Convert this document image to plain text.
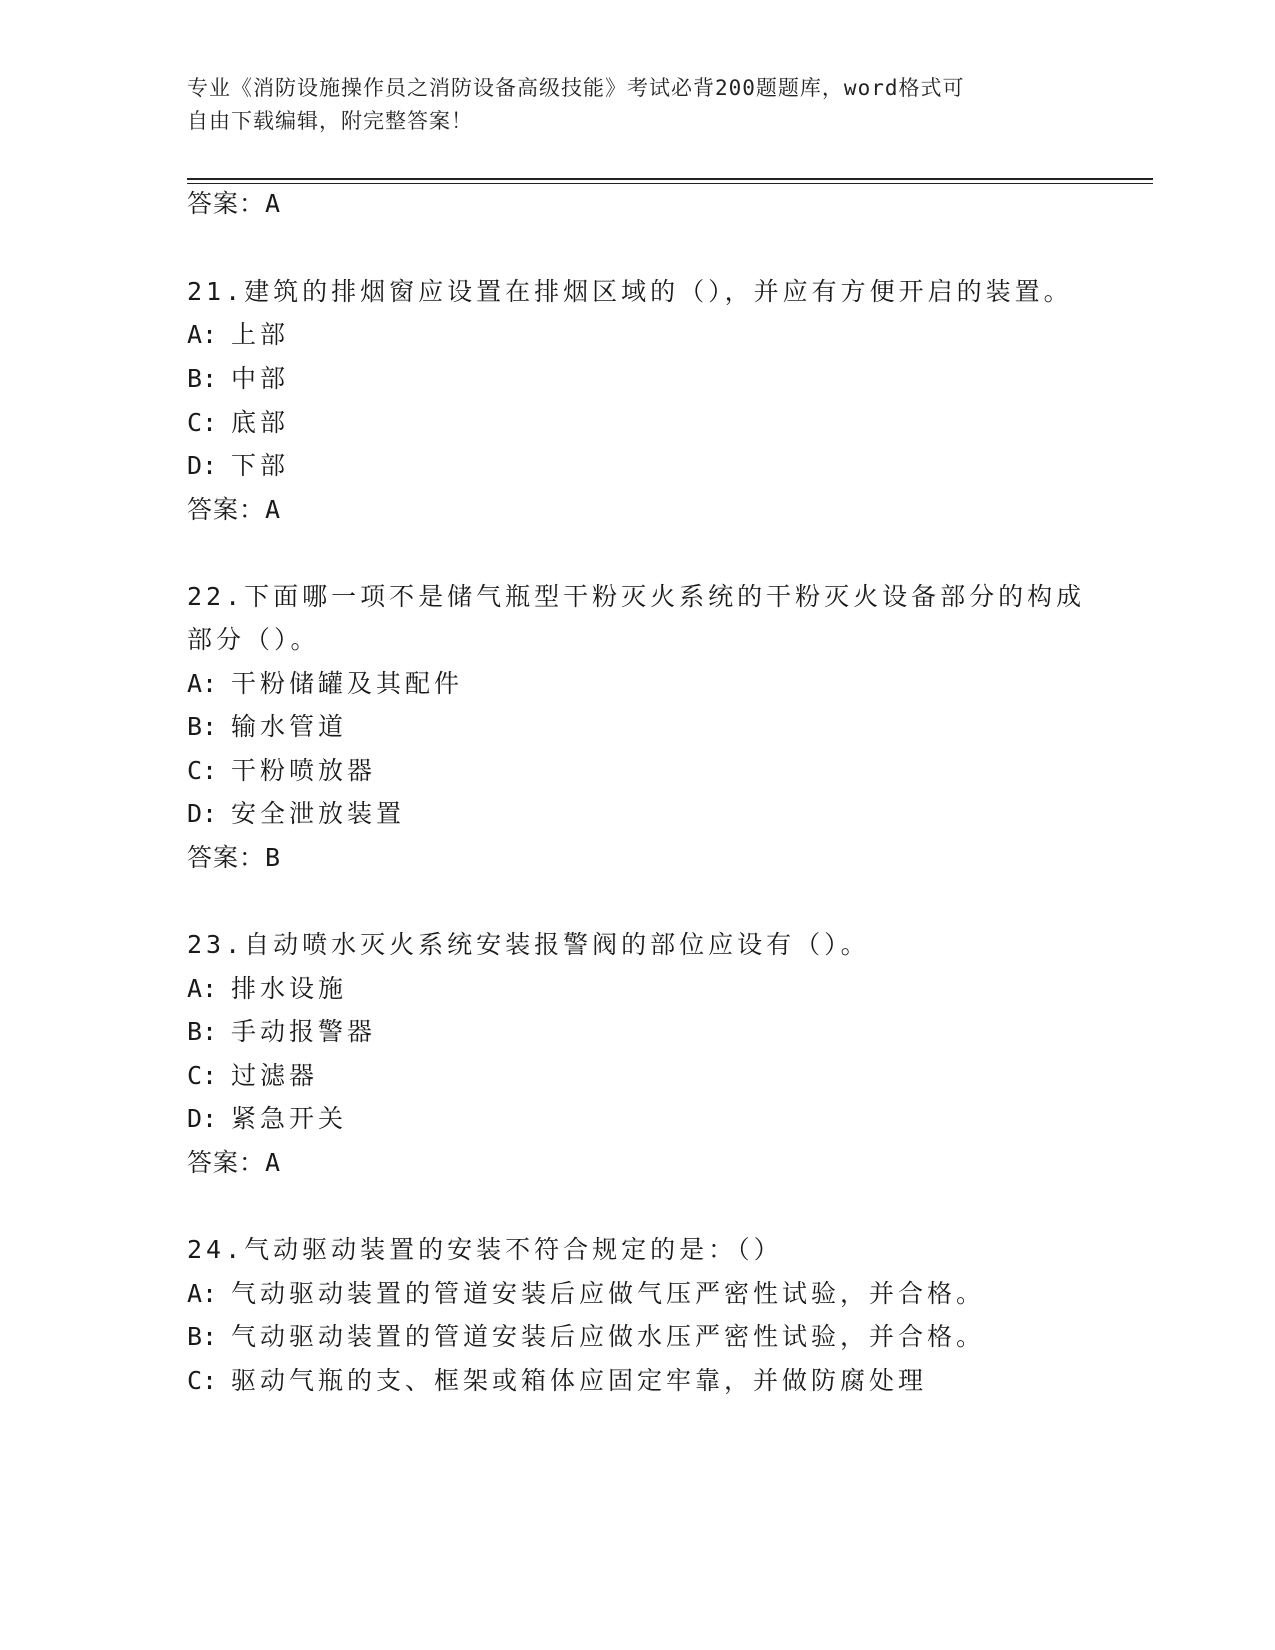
专业《消防设施操作员之消防设备高级技能》考试必背200题题库，word格式可
自由下载编辑，附完整答案！
答案：A
21.建筑的排烟窗应设置在排烟区域的（），并应有方便开启的装置。
A: 上部
B: 中部
C: 底部
D: 下部
答案：A
22.下面哪一项不是储气瓶型干粉灭火系统的干粉灭火设备部分的构成
部分（）。
A: 干粉储罐及其配件
B: 输水管道
C: 干粉喷放器
D: 安全泄放装置
答案：B
23.自动喷水灭火系统安装报警阀的部位应设有（）。
A: 排水设施
B: 手动报警器
C: 过滤器
D: 紧急开关
答案：A
24.气动驱动装置的安装不符合规定的是：（）
A: 气动驱动装置的管道安装后应做气压严密性试验，并合格。
B: 气动驱动装置的管道安装后应做水压严密性试验，并合格。
C: 驱动气瓶的支、框架或箱体应固定牢靠，并做防腐处理
